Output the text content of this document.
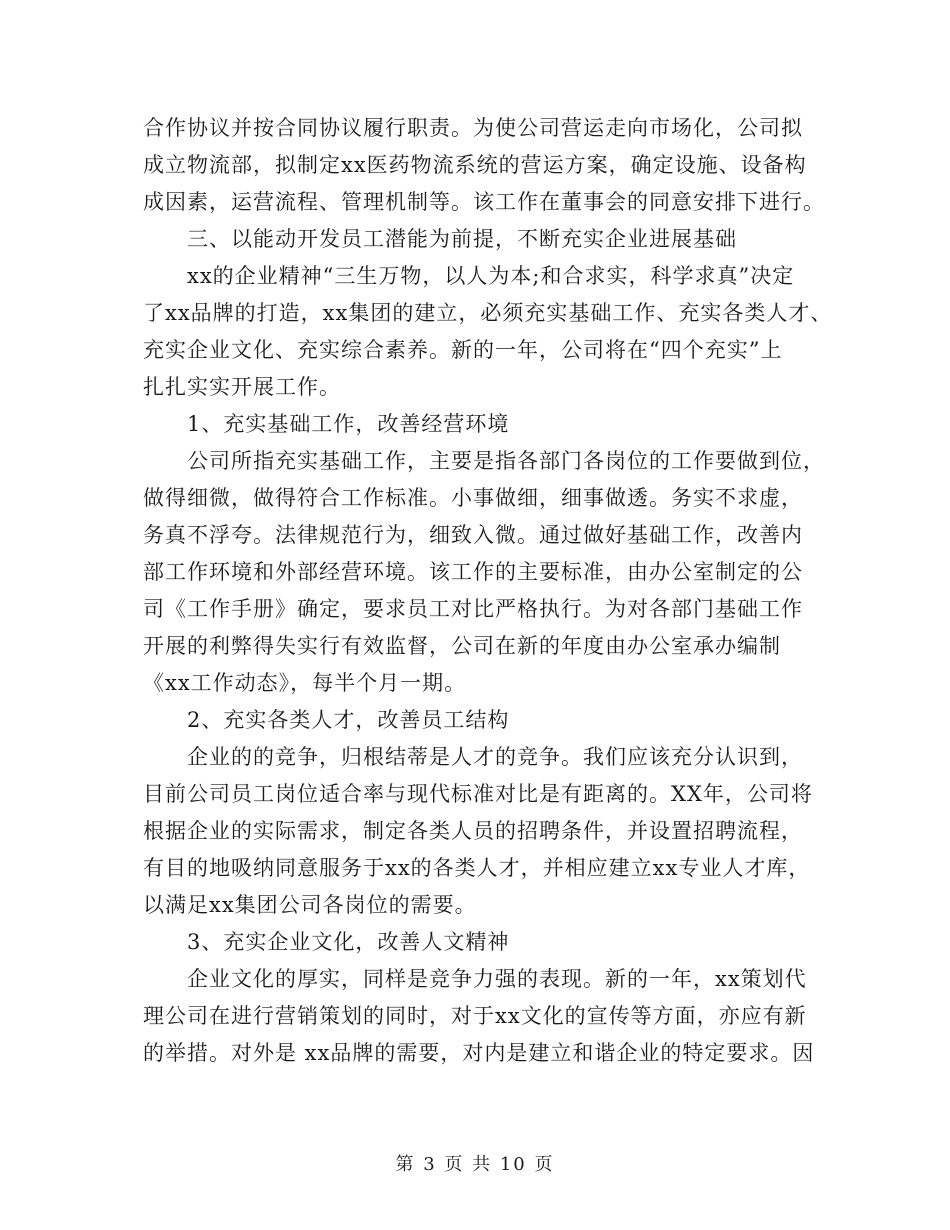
合作协议并按合同协议履行职责。为使公司营运走向市场化，公司拟
成立物流部，拟制定xx医药物流系统的营运方案，确定设施、设备构
成因素，运营流程、管理机制等。该工作在董事会的同意安排下进行。
三、以能动开发员工潜能为前提，不断充实企业进展基础
xx的企业精神“三生万物，以人为本;和合求实，科学求真”决定
了xx品牌的打造，xx集团的建立，必须充实基础工作、充实各类人才、
充实企业文化、充实综合素养。新的一年，公司将在“四个充实”上
扎扎实实开展工作。
1、充实基础工作，改善经营环境
公司所指充实基础工作，主要是指各部门各岗位的工作要做到位，
做得细微，做得符合工作标准。小事做细，细事做透。务实不求虚，
务真不浮夸。法律规范行为，细致入微。通过做好基础工作，改善内
部工作环境和外部经营环境。该工作的主要标准，由办公室制定的公
司《工作手册》确定，要求员工对比严格执行。为对各部门基础工作
开展的利弊得失实行有效监督，公司在新的年度由办公室承办编制
《xx工作动态》，每半个月一期。
2、充实各类人才，改善员工结构
企业的的竞争，归根结蒂是人才的竞争。我们应该充分认识到，
目前公司员工岗位适合率与现代标准对比是有距离的。XX年，公司将
根据企业的实际需求，制定各类人员的招聘条件，并设置招聘流程，
有目的地吸纳同意服务于xx的各类人才，并相应建立xx专业人才库，
以满足xx集团公司各岗位的需要。
3、充实企业文化，改善人文精神
企业文化的厚实，同样是竞争力强的表现。新的一年，xx策划代
理公司在进行营销策划的同时，对于xx文化的宣传等方面，亦应有新
的举措。对外是 xx品牌的需要，对内是建立和谐企业的特定要求。因
第 3 页 共 10 页
